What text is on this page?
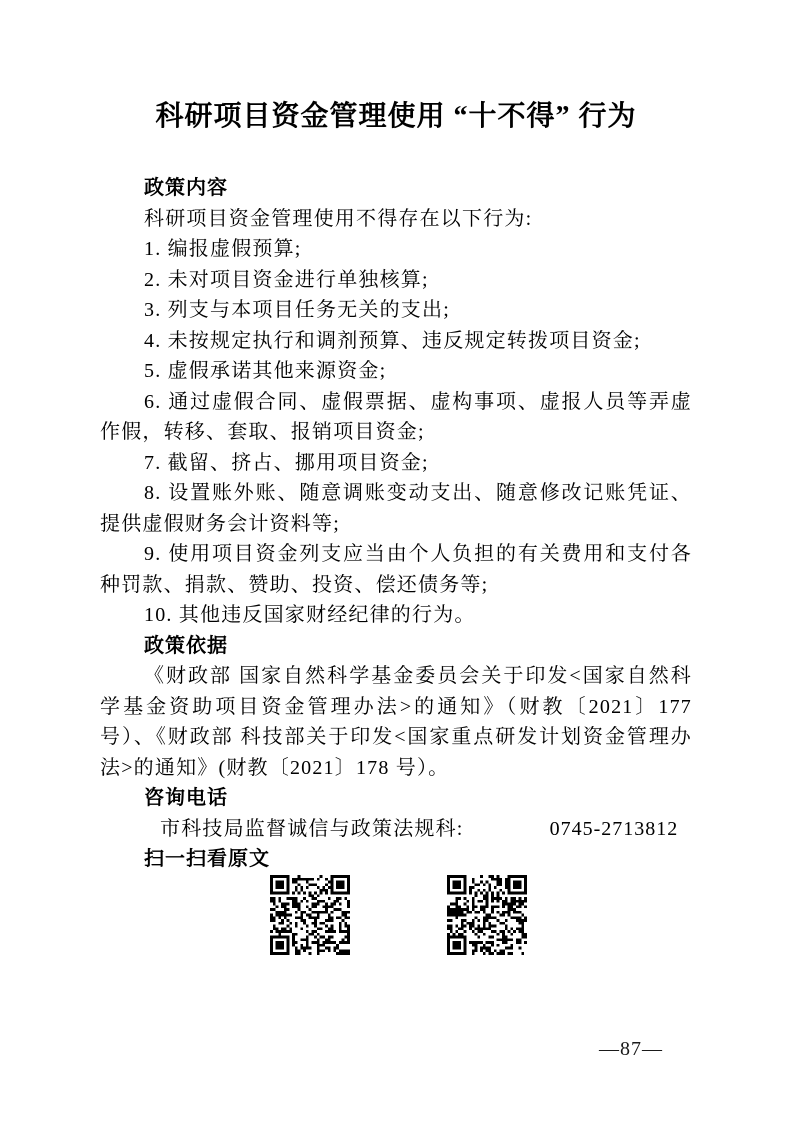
科研项目资金管理使用 “十不得” 行为

政策内容

科研项目资金管理使用不得存在以下行为:

1. 编报虚假预算;

2. 未对项目资金进行单独核算;

3. 列支与本项目任务无关的支出;

4. 未按规定执行和调剂预算、违反规定转拨项目资金;

5. 虚假承诺其他来源资金;

6. 通过虚假合同、虚假票据、虚构事项、虚报人员等弄虚作假，转移、套取、报销项目资金;

7. 截留、挤占、挪用项目资金;

8. 设置账外账、随意调账变动支出、随意修改记账凭证、提供虚假财务会计资料等;

9. 使用项目资金列支应当由个人负担的有关费用和支付各种罚款、捐款、赞助、投资、偿还债务等;

10. 其他违反国家财经纪律的行为。

政策依据

《财政部 国家自然科学基金委员会关于印发<国家自然科学基金资助项目资金管理办法>的通知》（财教〔2021〕177 号）、《财政部 科技部关于印发<国家重点研发计划资金管理办法>的通知》(财教〔2021〕178 号）。

咨询电话

市科技局监督诚信与政策法规科:	0745-2713812

扫一扫看原文

—87—
